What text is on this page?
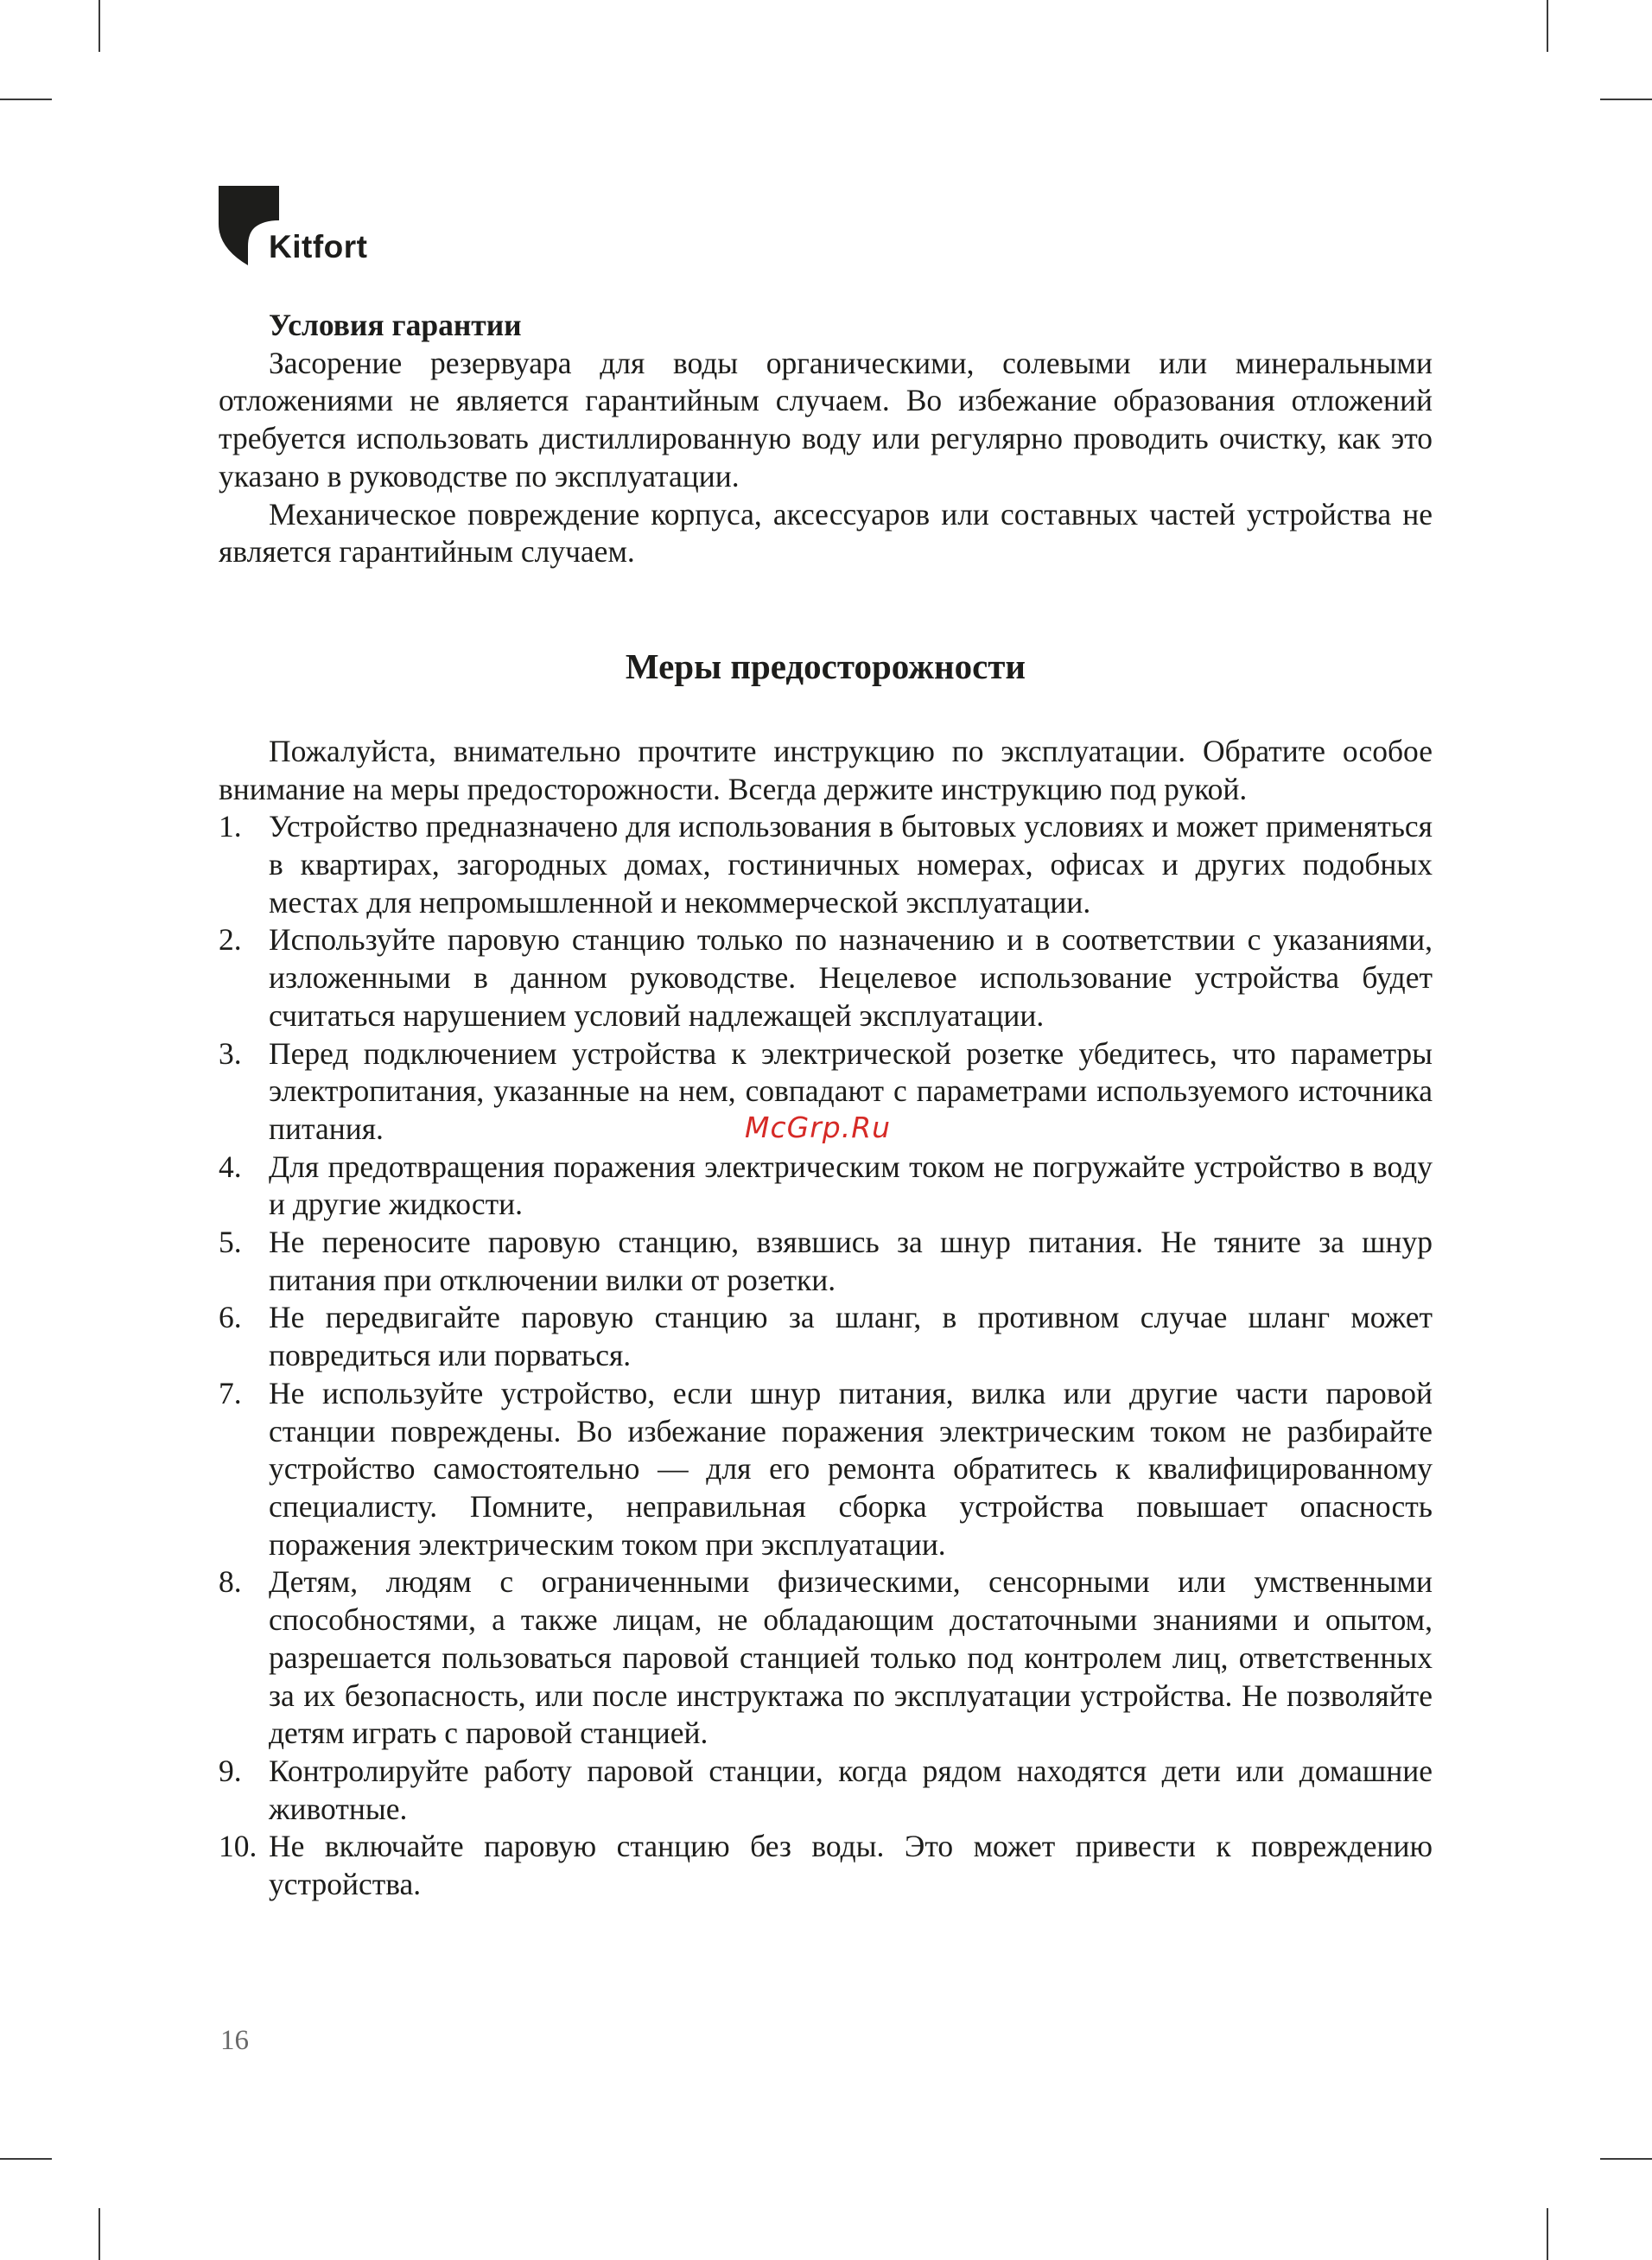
Kitfort

Условия гарантии

Засорение резервуара для воды органическими, солевыми или минеральными отложениями не является гарантийным случаем. Во избежание образования отложений требуется использовать дистиллированную воду или регулярно проводить очистку, как это указано в руководстве по эксплуатации.

Механическое повреждение корпуса, аксессуаров или составных частей устройства не является гарантийным случаем.

Меры предосторожности

Пожалуйста, внимательно прочтите инструкцию по эксплуатации. Обратите особое внимание на меры предосторожности. Всегда держите инструкцию под рукой.

1. Устройство предназначено для использования в бытовых условиях и может применяться в квартирах, загородных домах, гостиничных номерах, офисах и других подобных местах для непромышленной и некоммерческой эксплуатации.
2. Используйте паровую станцию только по назначению и в соответствии с указаниями, изложенными в данном руководстве. Нецелевое использование устройства будет считаться нарушением условий надлежащей эксплуатации.
3. Перед подключением устройства к электрической розетке убедитесь, что параметры электропитания, указанные на нем, совпадают с параметрами используемого источника питания.
4. Для предотвращения поражения электрическим током не погружайте устройство в воду и другие жидкости.
5. Не переносите паровую станцию, взявшись за шнур питания. Не тяните за шнур питания при отключении вилки от розетки.
6. Не передвигайте паровую станцию за шланг, в противном случае шланг может повредиться или порваться.
7. Не используйте устройство, если шнур питания, вилка или другие части паровой станции повреждены. Во избежание поражения электрическим током не разбирайте устройство самостоятельно — для его ремонта обратитесь к квалифицированному специалисту. Помните, неправильная сборка устройства повышает опасность поражения электрическим током при эксплуатации.
8. Детям, людям с ограниченными физическими, сенсорными или умственными способностями, а также лицам, не обладающим достаточными знаниями и опытом, разрешается пользоваться паровой станцией только под контролем лиц, ответственных за их безопасность, или после инструктажа по эксплуатации устройства. Не позволяйте детям играть с паровой станцией.
9. Контролируйте работу паровой станции, когда рядом находятся дети или домашние животные.
10. Не включайте паровую станцию без воды. Это может привести к повреждению устройства.
McGrp.Ru
16
